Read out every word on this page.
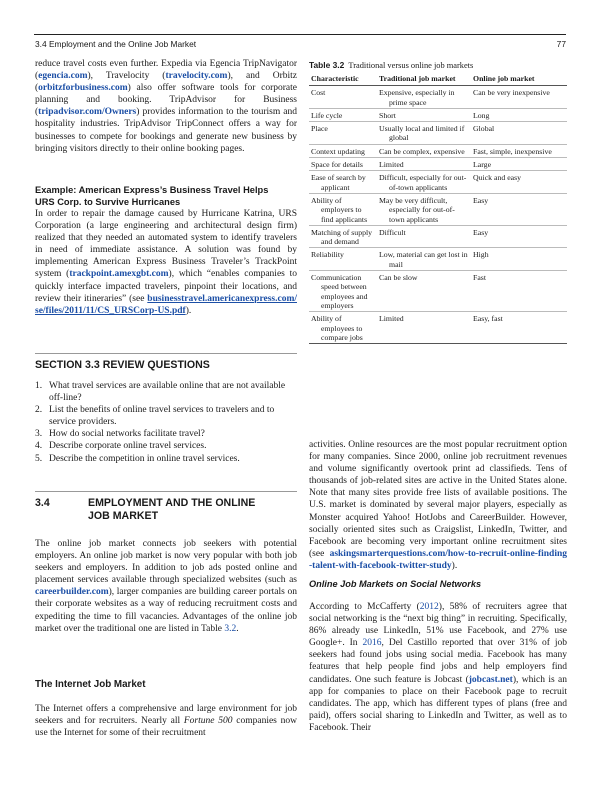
3.4 Employment and the Online Job Market	77

reduce travel costs even further. Expedia via Egencia TripNavigator (egencia.com), Travelocity (travelocity.com), and Orbitz (orbitzforbusiness.com) also offer software tools for corporate planning and booking. TripAdvisor for Business (tripadvisor.com/Owners) provides information to the tourism and hospitality industries. TripAdvisor TripConnect offers a way for businesses to compete for bookings and generate new business by bringing visitors directly to their online booking pages.

Example: American Express’s Business Travel Helps
URS Corp. to Survive Hurricanes

In order to repair the damage caused by Hurricane Katrina, URS Corporation (a large engineering and architectural design firm) realized that they needed an automated system to identify travelers in need of immediate assistance. A solution was found by implementing American Express Business Traveler’s TrackPoint system (trackpoint.amexgbt.com), which “enables companies to quickly interface impacted travelers, pinpoint their locations, and review their itineraries” (see businesstravel.americanexpress.com/se/files/2011/11/CS_URSCorp-US.pdf).

SECTION 3.3 REVIEW QUESTIONS
1. What travel services are available online that are not available off-line?
2. List the benefits of online travel services to travelers and to service providers.
3. How do social networks facilitate travel?
4. Describe corporate online travel services.
5. Describe the competition in online travel services.
3.4	EMPLOYMENT AND THE ONLINE
JOB MARKET

The online job market connects job seekers with potential employers. An online job market is now very popular with both job seekers and employers. In addition to job ads posted online and placement services available through specialized websites (such as careerbuilder.com), larger companies are building career portals on their corporate websites as a way of reducing recruitment costs and expediting the time to fill vacancies. Advantages of the online job market over the traditional one are listed in Table 3.2.

The Internet Job Market

The Internet offers a comprehensive and large environment for job seekers and for recruiters. Nearly all Fortune 500 companies now use the Internet for some of their recruitment

Table 3.2 Traditional versus online job markets
Characteristic	Traditional job market	Online job market

Cost	Expensive, especially in prime space	Can be very inexpensive

Life cycle	Short	Long

Place	Usually local and limited if global	Global

Context updating	Can be complex, expensive	Fast, simple, inexpensive

Space for details	Limited	Large

Ease of search by applicant	Difficult, especially for out-of-town applicants	Quick and easy

Ability of employers to find applicants	May be very difficult, especially for out-of-town applicants	Easy

Matching of supply and demand	Difficult	Easy

Reliability	Low, material can get lost in mail	High

Communication speed between employees and employers	Can be slow	Fast

Ability of employees to compare jobs	Limited	Easy, fast

activities. Online resources are the most popular recruitment option for many companies. Since 2000, online job recruitment revenues and volume significantly overtook print ad classifieds. Tens of thousands of job-related sites are active in the United States alone. Note that many sites provide free lists of available positions. The U.S. market is dominated by several major players, especially as Monster acquired Yahoo! HotJobs and CareerBuilder. However, socially oriented sites such as Craigslist, LinkedIn, Twitter, and Facebook are becoming very important online recruitment sites (see askingsmarterquestions.com/how-to-recruit-online-finding-talent-with-facebook-twitter-study).

Online Job Markets on Social Networks

According to McCafferty (2012), 58% of recruiters agree that social networking is the “next big thing” in recruiting. Specifically, 86% already use LinkedIn, 51% use Facebook, and 27% use Google+. In 2016, Del Castillo reported that over 31% of job seekers had found jobs using social media. Facebook has many features that help people find jobs and help employers find candidates. One such feature is Jobcast (jobcast.net), which is an app for companies to place on their Facebook page to recruit candidates. The app, which has different types of plans (free and paid), offers social sharing to LinkedIn and Twitter, as well as to Facebook. Their
